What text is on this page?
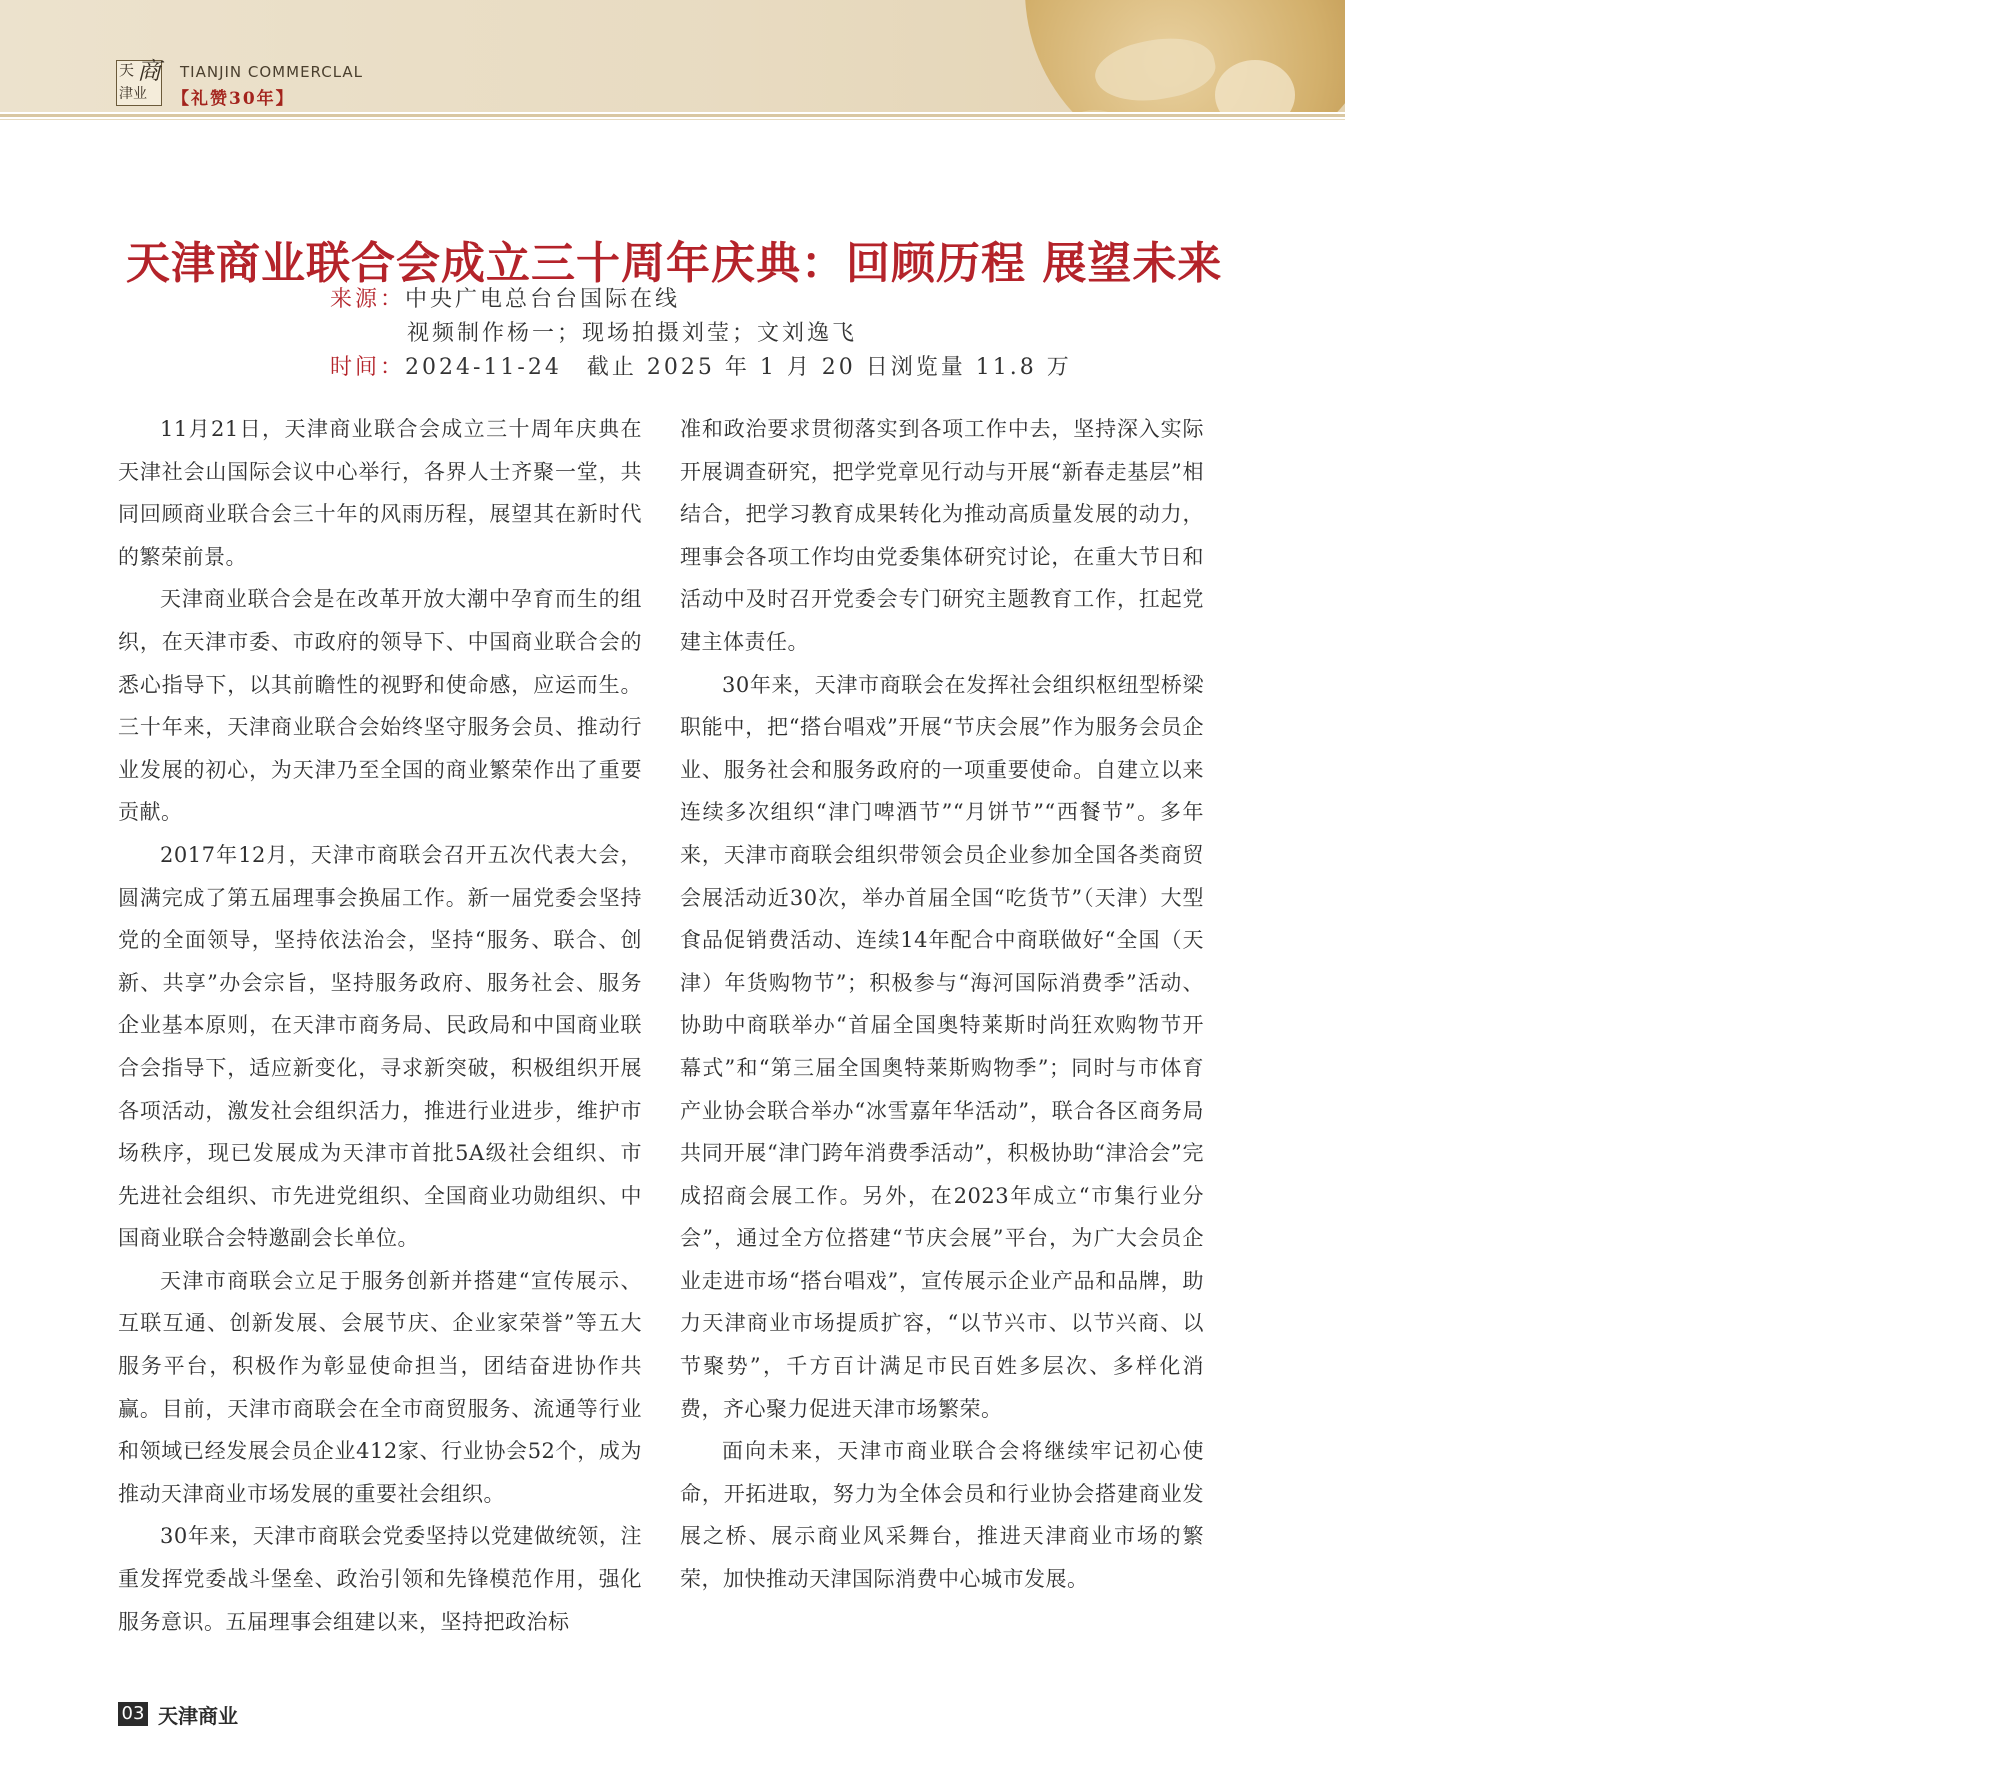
天 商
津业
TIANJIN COMMERCLAL
【礼赞30年】
天津商业联合会成立三十周年庆典：回顾历程 展望未来
来源：中央广电总台台国际在线
视频制作杨一；现场拍摄刘莹；文刘逸飞
时间：2024-11-24　截止 2025 年 1 月 20 日浏览量 11.8 万

11月21日，天津商业联合会成立三十周年庆典在天津社会山国际会议中心举行，各界人士齐聚一堂，共同回顾商业联合会三十年的风雨历程，展望其在新时代的繁荣前景。

天津商业联合会是在改革开放大潮中孕育而生的组织，在天津市委、市政府的领导下、中国商业联合会的悉心指导下，以其前瞻性的视野和使命感，应运而生。三十年来，天津商业联合会始终坚守服务会员、推动行业发展的初心，为天津乃至全国的商业繁荣作出了重要贡献。

2017年12月，天津市商联会召开五次代表大会，圆满完成了第五届理事会换届工作。新一届党委会坚持党的全面领导，坚持依法治会，坚持“服务、联合、创新、共享”办会宗旨，坚持服务政府、服务社会、服务企业基本原则，在天津市商务局、民政局和中国商业联合会指导下，适应新变化，寻求新突破，积极组织开展各项活动，激发社会组织活力，推进行业进步，维护市场秩序，现已发展成为天津市首批5A级社会组织、市先进社会组织、市先进党组织、全国商业功勋组织、中国商业联合会特邀副会长单位。

天津市商联会立足于服务创新并搭建“宣传展示、互联互通、创新发展、会展节庆、企业家荣誉”等五大服务平台，积极作为彰显使命担当，团结奋进协作共赢。目前，天津市商联会在全市商贸服务、流通等行业和领域已经发展会员企业412家、行业协会52个，成为推动天津商业市场发展的重要社会组织。

30年来，天津市商联会党委坚持以党建做统领，注重发挥党委战斗堡垒、政治引领和先锋模范作用，强化服务意识。五届理事会组建以来，坚持把政治标

准和政治要求贯彻落实到各项工作中去，坚持深入实际开展调查研究，把学党章见行动与开展“新春走基层”相结合，把学习教育成果转化为推动高质量发展的动力，理事会各项工作均由党委集体研究讨论，在重大节日和活动中及时召开党委会专门研究主题教育工作，扛起党建主体责任。

30年来，天津市商联会在发挥社会组织枢纽型桥梁职能中，把“搭台唱戏”开展“节庆会展”作为服务会员企业、服务社会和服务政府的一项重要使命。自建立以来连续多次组织“津门啤酒节”“月饼节”“西餐节”。多年来，天津市商联会组织带领会员企业参加全国各类商贸会展活动近30次，举办首届全国“吃货节”（天津）大型食品促销费活动、连续14年配合中商联做好“全国（天津）年货购物节”；积极参与“海河国际消费季”活动、协助中商联举办“首届全国奥特莱斯时尚狂欢购物节开幕式”和“第三届全国奥特莱斯购物季”；同时与市体育产业协会联合举办“冰雪嘉年华活动”，联合各区商务局共同开展“津门跨年消费季活动”，积极协助“津洽会”完成招商会展工作。另外，在2023年成立“市集行业分会”，通过全方位搭建“节庆会展”平台，为广大会员企业走进市场“搭台唱戏”，宣传展示企业产品和品牌，助力天津商业市场提质扩容，“以节兴市、以节兴商、以节聚势”，千方百计满足市民百姓多层次、多样化消费，齐心聚力促进天津市场繁荣。

面向未来，天津市商业联合会将继续牢记初心使命，开拓进取，努力为全体会员和行业协会搭建商业发展之桥、展示商业风采舞台，推进天津商业市场的繁荣，加快推动天津国际消费中心城市发展。

03 天津商业
